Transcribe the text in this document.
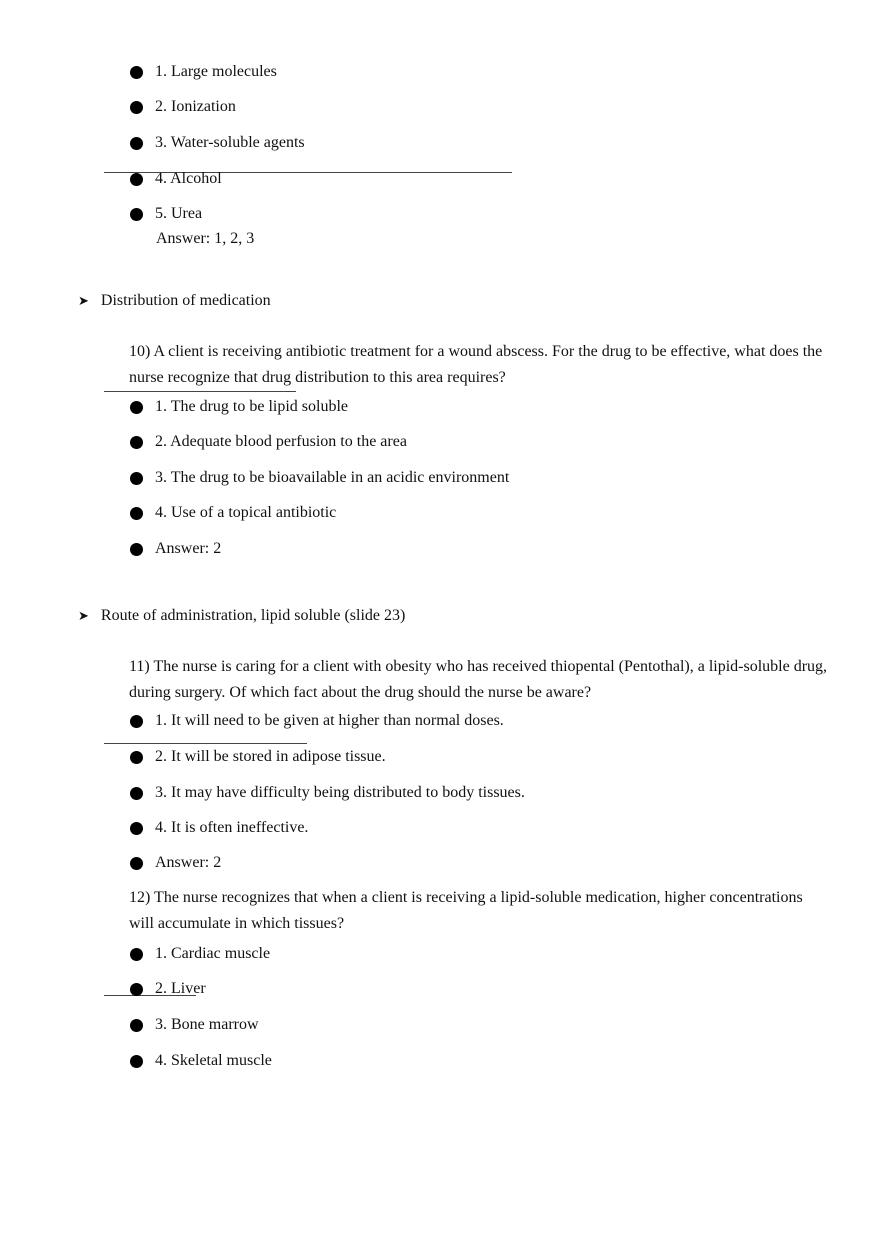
1. Large molecules
2. Ionization
3. Water-soluble agents
4. Alcohol
5. Urea
Answer: 1, 2, 3
➤ Distribution of medication
10) A client is receiving antibiotic treatment for a wound abscess. For the drug to be effective, what does the nurse recognize that drug distribution to this area requires?
1. The drug to be lipid soluble
2. Adequate blood perfusion to the area
3. The drug to be bioavailable in an acidic environment
4. Use of a topical antibiotic
Answer: 2
➤ Route of administration, lipid soluble (slide 23)
11) The nurse is caring for a client with obesity who has received thiopental (Pentothal), a lipid-soluble drug, during surgery. Of which fact about the drug should the nurse be aware?
1. It will need to be given at higher than normal doses.
2. It will be stored in adipose tissue.
3. It may have difficulty being distributed to body tissues.
4. It is often ineffective.
Answer: 2
12) The nurse recognizes that when a client is receiving a lipid-soluble medication, higher concentrations will accumulate in which tissues?
1. Cardiac muscle
2. Liver
3. Bone marrow
4. Skeletal muscle
